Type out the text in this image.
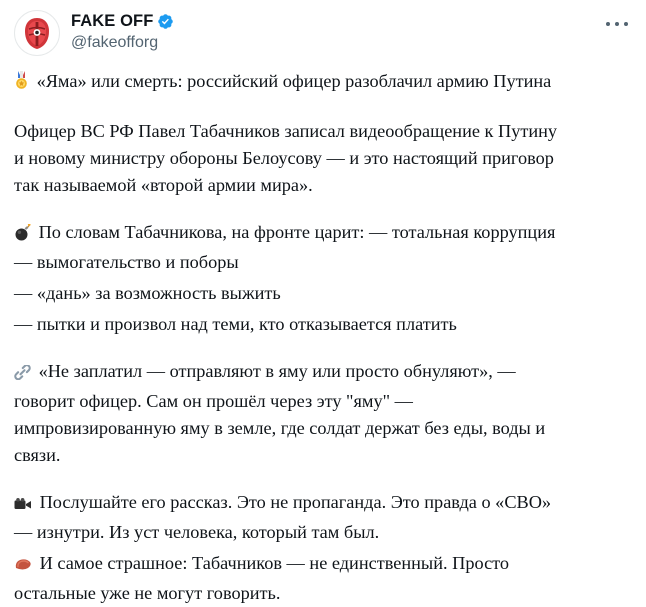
FAKE OFF
@fakeofforg

«Яма» или смерть: российский офицер разоблачил армию Путина

Офицер ВС РФ Павел Табачников записал видеообращение к Путину
и новому министру обороны Белоусову — и это настоящий приговор
так называемой «второй армии мира».

По словам Табачникова, на фронте царит: — тотальная коррупция
— вымогательство и поборы

— «дань» за возможность выжить

— пытки и произвол над теми, кто отказывается платить

«Не заплатил — отправляют в яму или просто обнуляют», —
говорит офицер. Сам он прошёл через эту "яму" —
импровизированную яму в земле, где солдат держат без еды, воды и
связи.

Послушайте его рассказ. Это не пропаганда. Это правда о «СВО»
— изнутри. Из уст человека, который там был.

И самое страшное: Табачников — не единственный. Просто
остальные уже не могут говорить.
